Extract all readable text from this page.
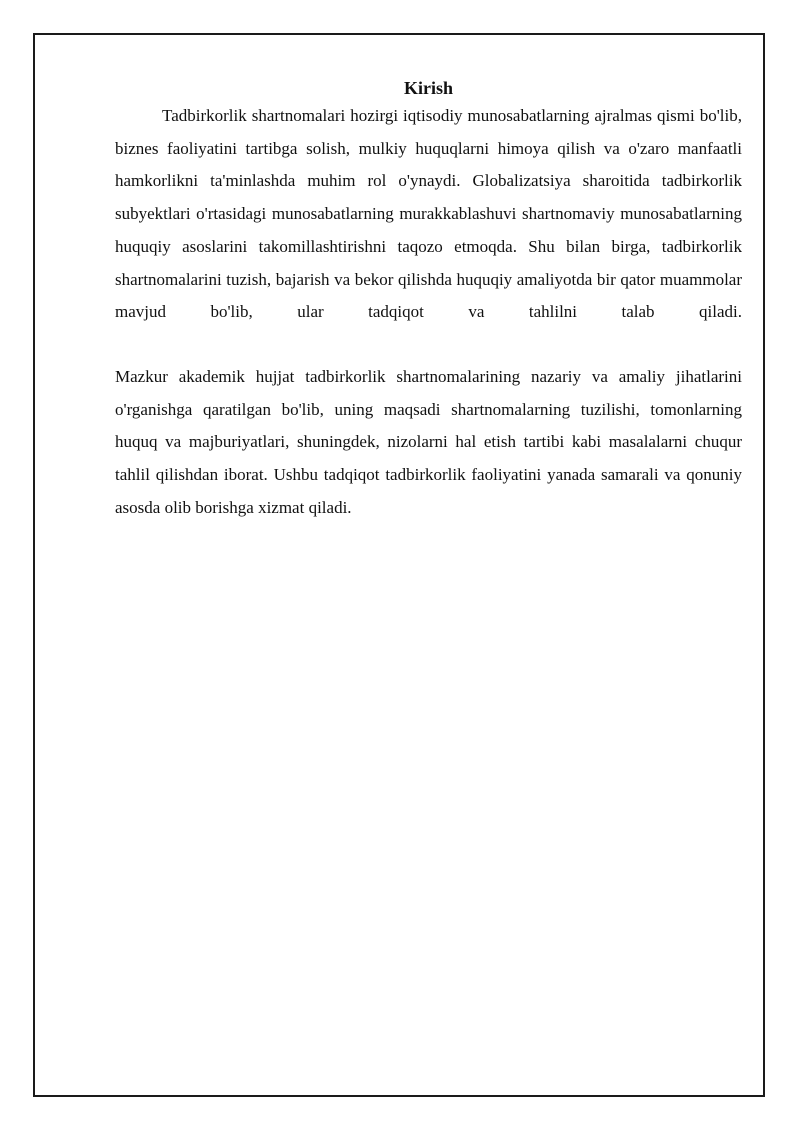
Kirish

Tadbirkorlik shartnomalari hozirgi iqtisodiy munosabatlarning ajralmas qismi bo'lib, biznes faoliyatini tartibga solish, mulkiy huquqlarni himoya qilish va o'zaro manfaatli hamkorlikni ta'minlashda muhim rol o'ynaydi. Globalizatsiya sharoitida tadbirkorlik subyektlari o'rtasidagi munosabatlarning murakkablashuvi shartnomaviy munosabatlarning huquqiy asoslarini takomillashtirishni taqozo etmoqda. Shu bilan birga, tadbirkorlik shartnomalarini tuzish, bajarish va bekor qilishda huquqiy amaliyotda bir qator muammolar mavjud bo'lib, ular tadqiqot va tahlilni talab qiladi.

Mazkur akademik hujjat tadbirkorlik shartnomalarining nazariy va amaliy jihatlarini o'rganishga qaratilgan bo'lib, uning maqsadi shartnomalarning tuzilishi, tomonlarning huquq va majburiyatlari, shuningdek, nizolarni hal etish tartibi kabi masalalarni chuqur tahlil qilishdan iborat. Ushbu tadqiqot tadbirkorlik faoliyatini yanada samarali va qonuniy asosda olib borishga xizmat qiladi.
